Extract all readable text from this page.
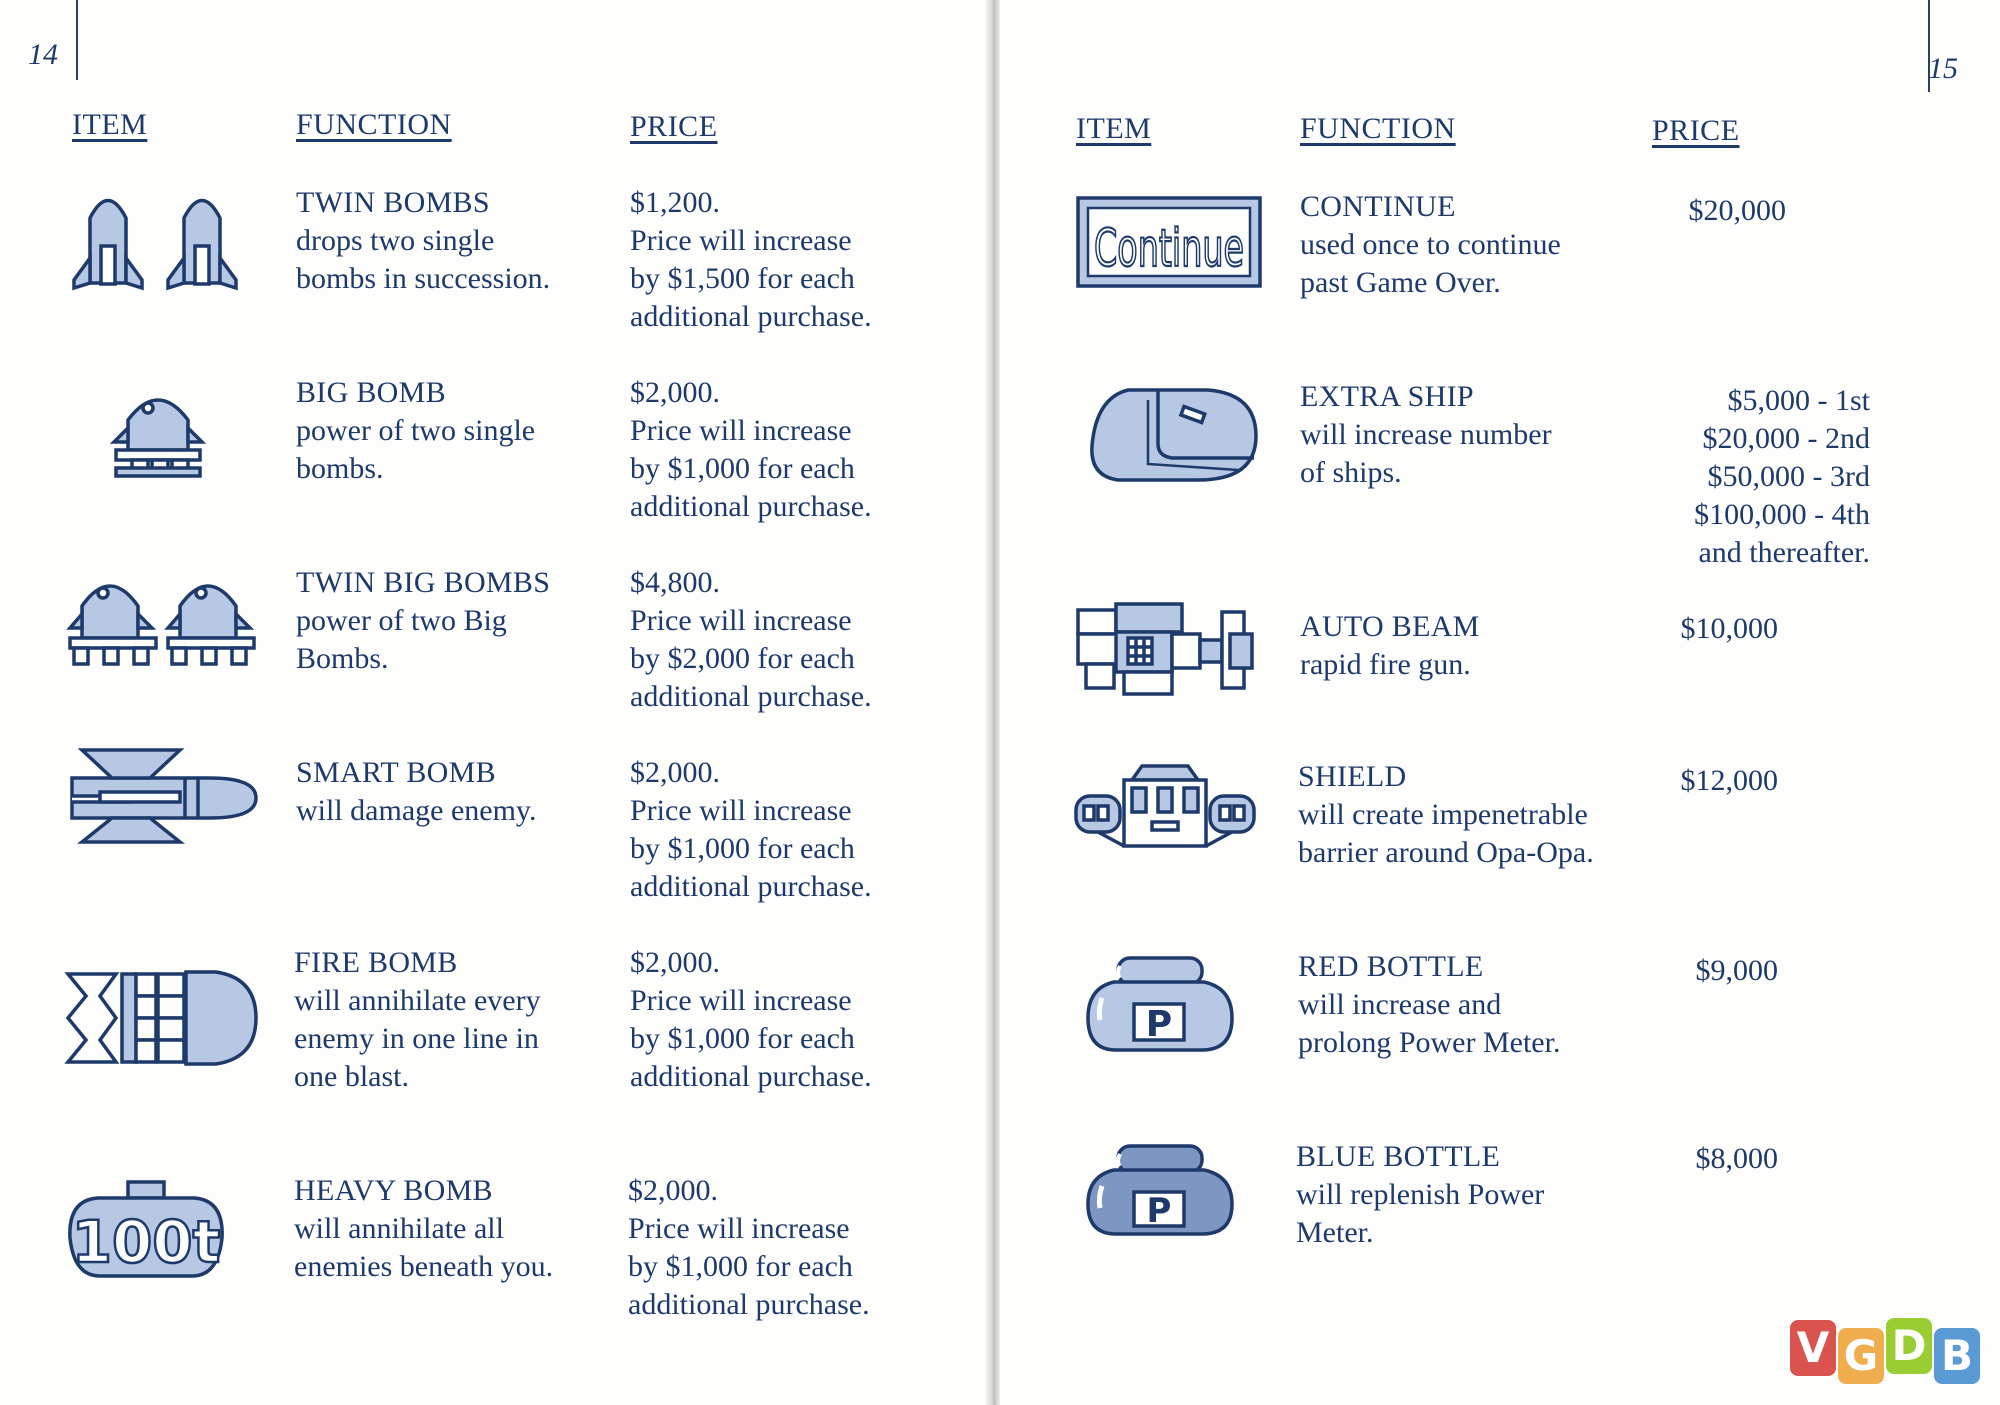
14
ITEM	FUNCTION	PRICE
TWIN BOMBS
drops two single
bombs in succession.
$1,200.
Price will increase
by $1,500 for each
additional purchase.
BIG BOMB
power of two single
bombs.
$2,000.
Price will increase
by $1,000 for each
additional purchase.
TWIN BIG BOMBS
power of two Big
Bombs.
$4,800.
Price will increase
by $2,000 for each
additional purchase.
SMART BOMB
will damage enemy.
$2,000.
Price will increase
by $1,000 for each
additional purchase.
FIRE BOMB
will annihilate every
enemy in one line in
one blast.
$2,000.
Price will increase
by $1,000 for each
additional purchase.
100t
HEAVY BOMB
will annihilate all
enemies beneath you.
$2,000.
Price will increase
by $1,000 for each
additional purchase.
15
ITEM	FUNCTION	PRICE
Continue
CONTINUE
used once to continue
past Game Over.
$20,000
EXTRA SHIP
will increase number
of ships.
$5,000 - 1st
$20,000 - 2nd
$50,000 - 3rd
$100,000 - 4th
and thereafter.
AUTO BEAM
rapid fire gun.
$10,000
SHIELD
will create impenetrable
barrier around Opa-Opa.
$12,000
P
RED BOTTLE
will increase and
prolong Power Meter.
$9,000
P
BLUE BOTTLE
will replenish Power
Meter.
$8,000
V G D B
